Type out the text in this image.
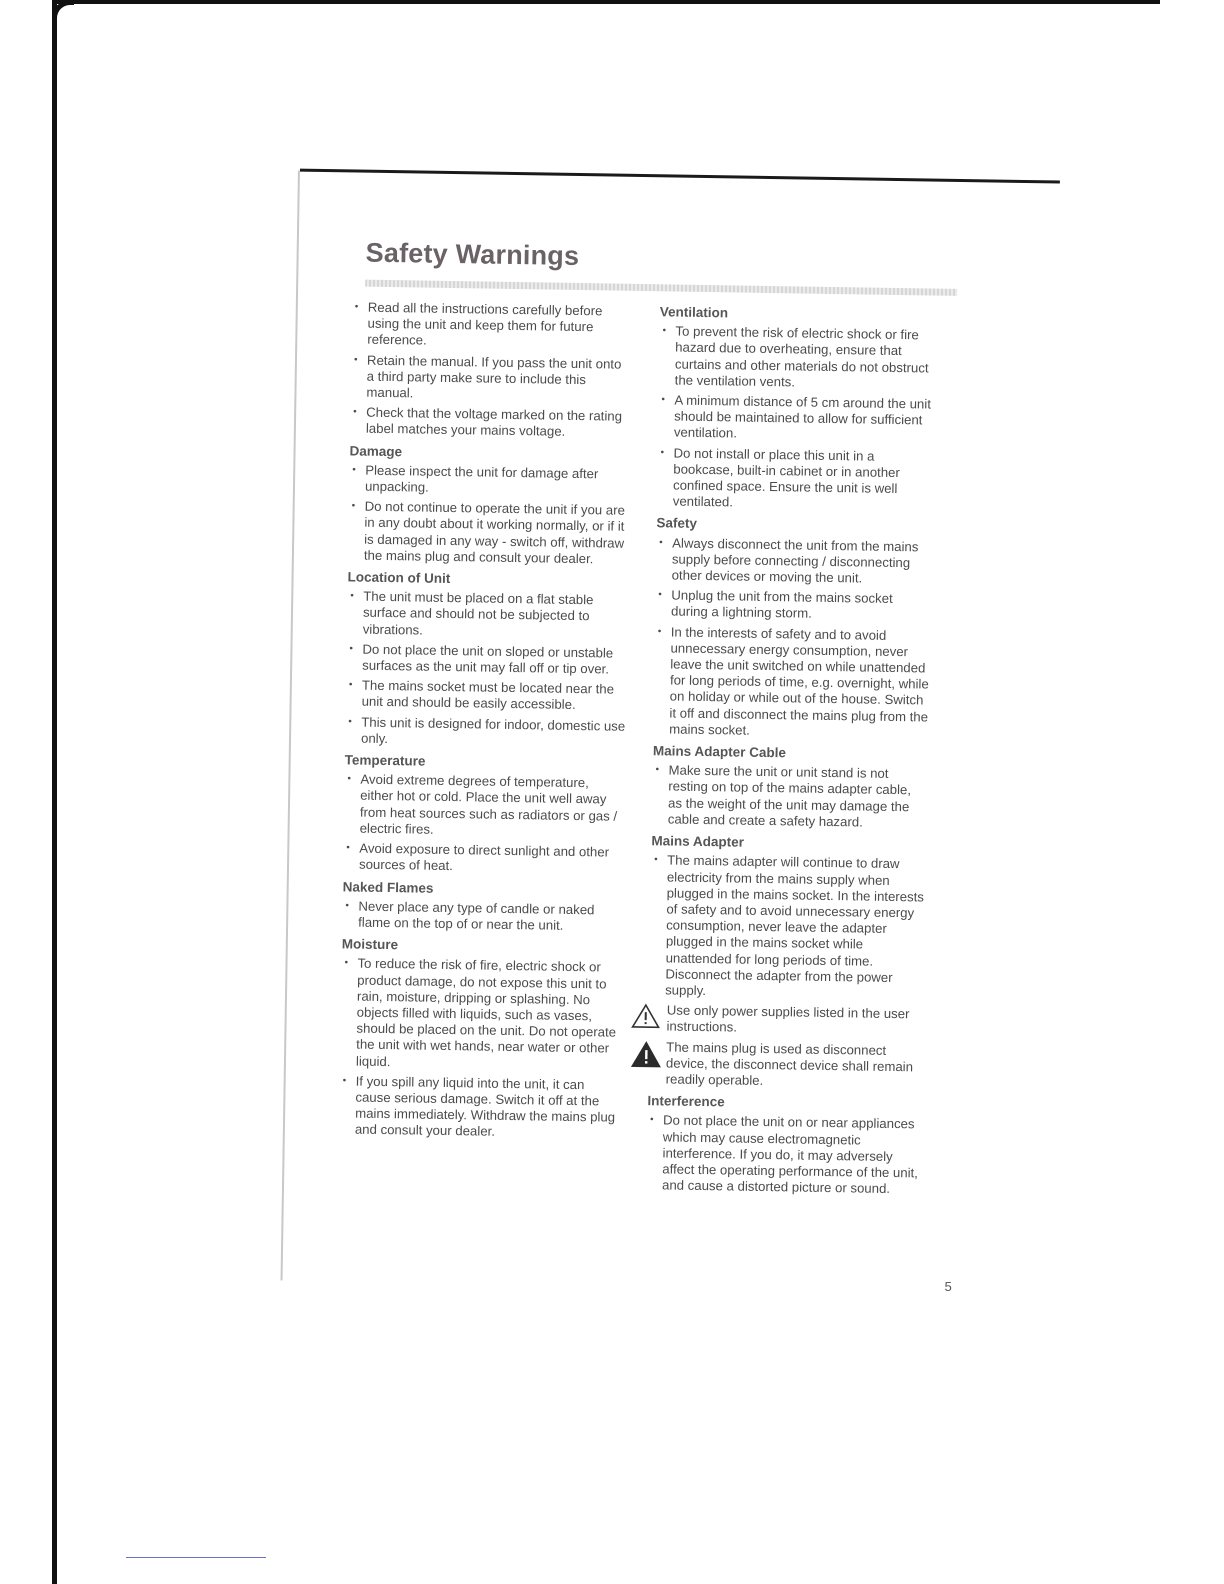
Safety Warnings
• Read all the instructions carefully before using the unit and keep them for future reference.
• Retain the manual. If you pass the unit onto a third party make sure to include this manual.
• Check that the voltage marked on the rating label matches your mains voltage.
Damage
• Please inspect the unit for damage after unpacking.
• Do not continue to operate the unit if you are in any doubt about it working normally, or if it is damaged in any way - switch off, withdraw the mains plug and consult your dealer.
Location of Unit
• The unit must be placed on a flat stable surface and should not be subjected to vibrations.
• Do not place the unit on sloped or unstable surfaces as the unit may fall off or tip over.
• The mains socket must be located near the unit and should be easily accessible.
• This unit is designed for indoor, domestic use only.
Temperature
• Avoid extreme degrees of temperature, either hot or cold. Place the unit well away from heat sources such as radiators or gas / electric fires.
• Avoid exposure to direct sunlight and other sources of heat.
Naked Flames
• Never place any type of candle or naked flame on the top of or near the unit.
Moisture
• To reduce the risk of fire, electric shock or product damage, do not expose this unit to rain, moisture, dripping or splashing. No objects filled with liquids, such as vases, should be placed on the unit. Do not operate the unit with wet hands, near water or other liquid.
• If you spill any liquid into the unit, it can cause serious damage. Switch it off at the mains immediately. Withdraw the mains plug and consult your dealer.
Ventilation
• To prevent the risk of electric shock or fire hazard due to overheating, ensure that curtains and other materials do not obstruct the ventilation vents.
• A minimum distance of 5 cm around the unit should be maintained to allow for sufficient ventilation.
• Do not install or place this unit in a bookcase, built-in cabinet or in another confined space. Ensure the unit is well ventilated.
Safety
• Always disconnect the unit from the mains supply before connecting / disconnecting other devices or moving the unit.
• Unplug the unit from the mains socket during a lightning storm.
• In the interests of safety and to avoid unnecessary energy consumption, never leave the unit switched on while unattended for long periods of time, e.g. overnight, while on holiday or while out of the house. Switch it off and disconnect the mains plug from the mains socket.
Mains Adapter Cable
• Make sure the unit or unit stand is not resting on top of the mains adapter cable, as the weight of the unit may damage the cable and create a safety hazard.
Mains Adapter
• The mains adapter will continue to draw electricity from the mains supply when plugged in the mains socket. In the interests of safety and to avoid unnecessary energy consumption, never leave the adapter plugged in the mains socket while unattended for long periods of time. Disconnect the adapter from the power supply.
Use only power supplies listed in the user instructions.
The mains plug is used as disconnect device, the disconnect device shall remain readily operable.
Interference
• Do not place the unit on or near appliances which may cause electromagnetic interference. If you do, it may adversely affect the operating performance of the unit, and cause a distorted picture or sound.
5
